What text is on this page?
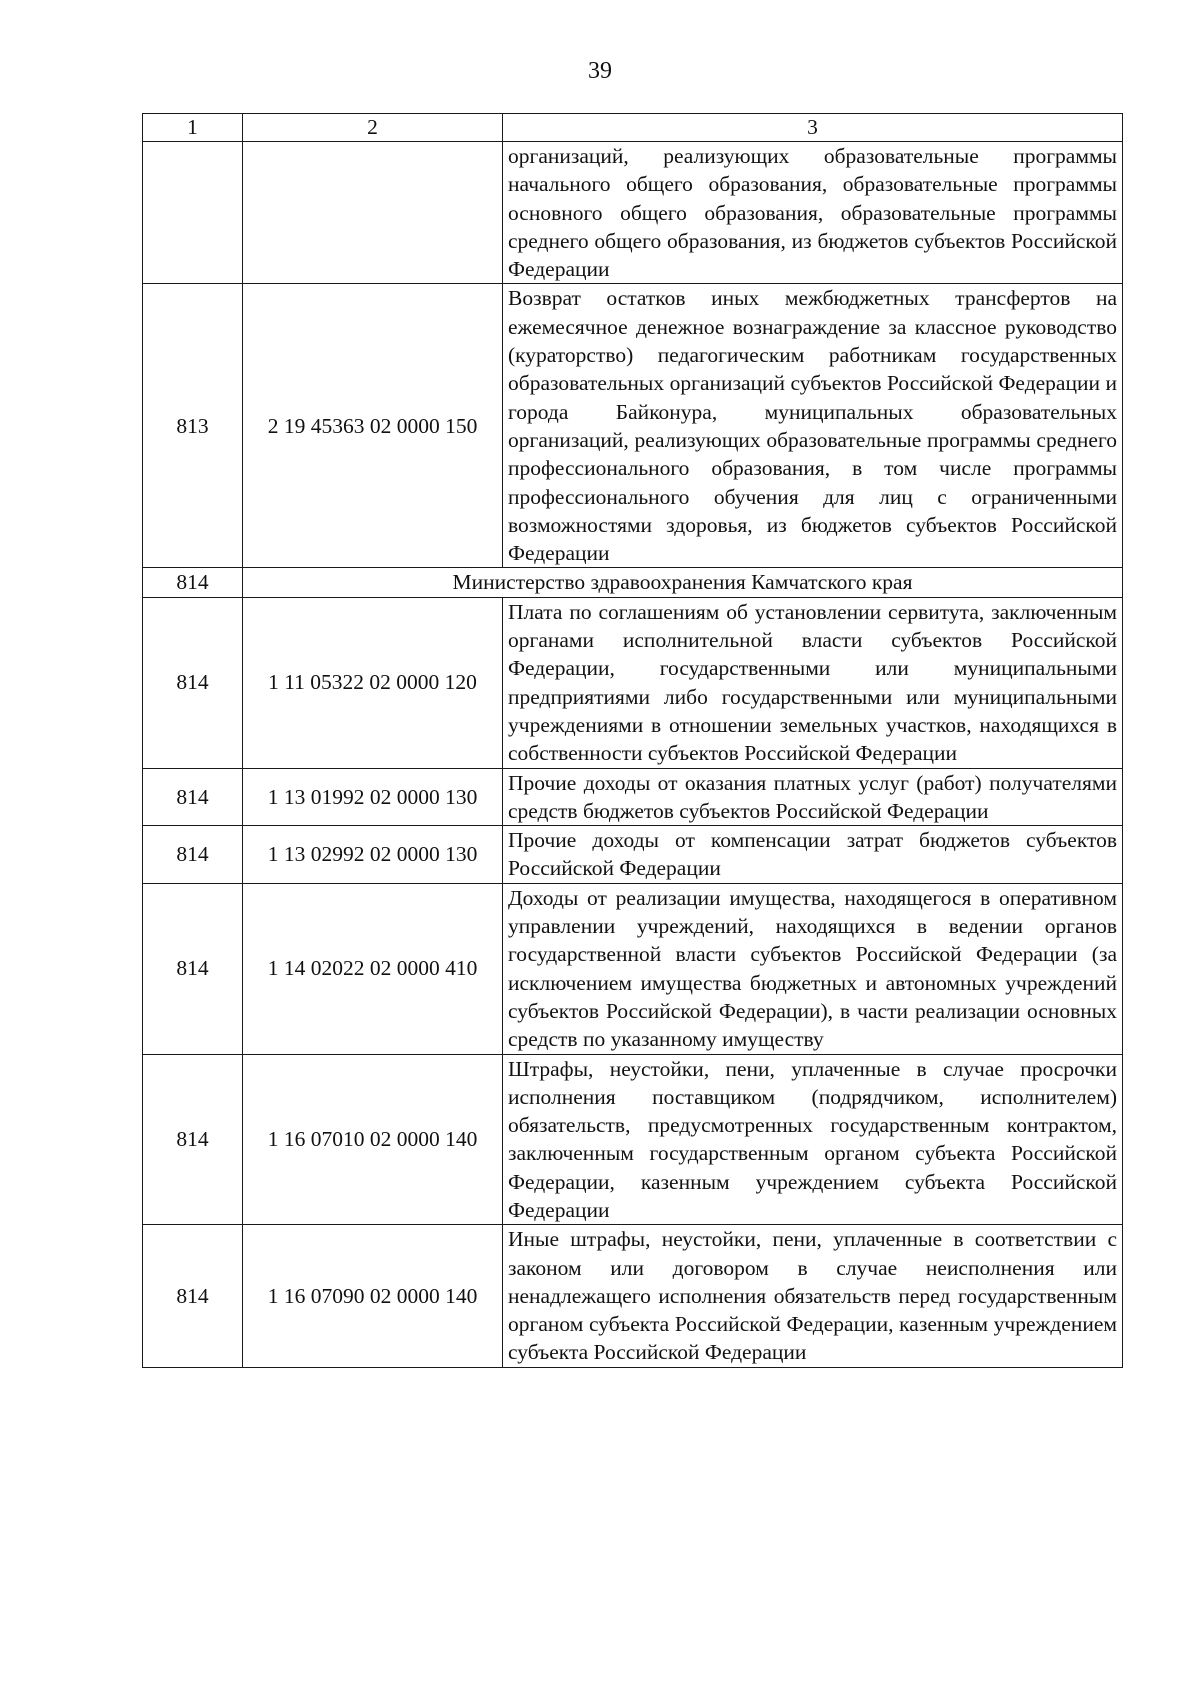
39
1	2	3
		организаций, реализующих образовательные программы начального общего образования, образовательные программы основного общего образования, образовательные программы среднего общего образования, из бюджетов субъектов Российской Федерации
813	2 19 45363 02 0000 150	Возврат остатков иных межбюджетных трансфертов на ежемесячное денежное вознаграждение за классное руководство (кураторство) педагогическим работникам государственных образовательных организаций субъектов Российской Федерации и города Байконура, муниципальных образовательных организаций, реализующих образовательные программы среднего профессионального образования, в том числе программы профессионального обучения для лиц с ограниченными возможностями здоровья, из бюджетов субъектов Российской Федерации
814	Министерство здравоохранения Камчатского края	
814	1 11 05322 02 0000 120	Плата по соглашениям об установлении сервитута, заключенным органами исполнительной власти субъектов Российской Федерации, государственными или муниципальными предприятиями либо государственными или муниципальными учреждениями в отношении земельных участков, находящихся в собственности субъектов Российской Федерации
814	1 13 01992 02 0000 130	Прочие доходы от оказания платных услуг (работ) получателями средств бюджетов субъектов Российской Федерации
814	1 13 02992 02 0000 130	Прочие доходы от компенсации затрат бюджетов субъектов Российской Федерации
814	1 14 02022 02 0000 410	Доходы от реализации имущества, находящегося в оперативном управлении учреждений, находящихся в ведении органов государственной власти субъектов Российской Федерации (за исключением имущества бюджетных и автономных учреждений субъектов Российской Федерации), в части реализации основных средств по указанному имуществу
814	1 16 07010 02 0000 140	Штрафы, неустойки, пени, уплаченные в случае просрочки исполнения поставщиком (подрядчиком, исполнителем) обязательств, предусмотренных государственным контрактом, заключенным государственным органом субъекта Российской Федерации, казенным учреждением субъекта Российской Федерации
814	1 16 07090 02 0000 140	Иные штрафы, неустойки, пени, уплаченные в соответствии с законом или договором в случае неисполнения или ненадлежащего исполнения обязательств перед государственным органом субъекта Российской Федерации, казенным учреждением субъекта Российской Федерации
